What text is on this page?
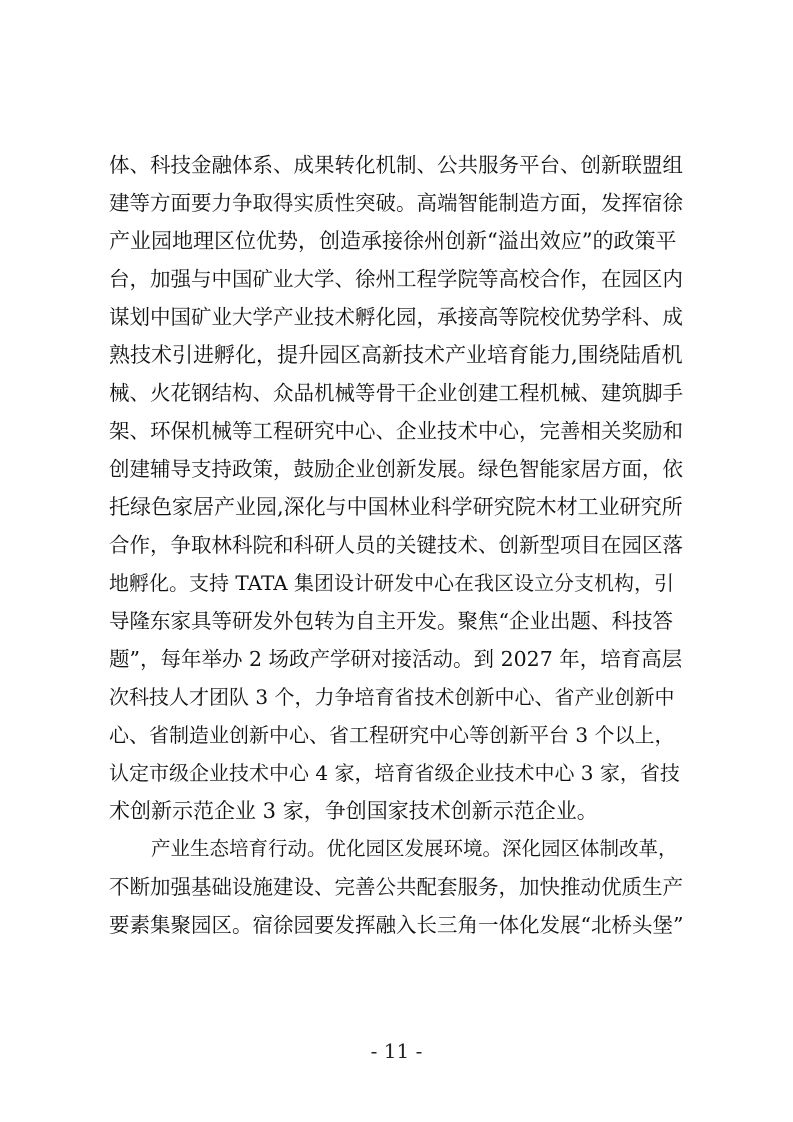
体、科技金融体系、成果转化机制、公共服务平台、创新联盟组
建等方面要力争取得实质性突破。高端智能制造方面，发挥宿徐
产业园地理区位优势，创造承接徐州创新“溢出效应”的政策平
台，加强与中国矿业大学、徐州工程学院等高校合作，在园区内
谋划中国矿业大学产业技术孵化园，承接高等院校优势学科、成
熟技术引进孵化，提升园区高新技术产业培育能力,围绕陆盾机
械、火花钢结构、众品机械等骨干企业创建工程机械、建筑脚手
架、环保机械等工程研究中心、企业技术中心，完善相关奖励和
创建辅导支持政策，鼓励企业创新发展。绿色智能家居方面，依
托绿色家居产业园,深化与中国林业科学研究院木材工业研究所
合作，争取林科院和科研人员的关键技术、创新型项目在园区落
地孵化。支持 TATA 集团设计研发中心在我区设立分支机构，引
导隆东家具等研发外包转为自主开发。聚焦“企业出题、科技答
题”，每年举办 2 场政产学研对接活动。到 2027 年，培育高层
次科技人才团队 3 个，力争培育省技术创新中心、省产业创新中
心、省制造业创新中心、省工程研究中心等创新平台 3 个以上，
认定市级企业技术中心 4 家，培育省级企业技术中心 3 家，省技
术创新示范企业 3 家，争创国家技术创新示范企业。
产业生态培育行动。优化园区发展环境。深化园区体制改革，
不断加强基础设施建设、完善公共配套服务，加快推动优质生产
要素集聚园区。宿徐园要发挥融入长三角一体化发展“北桥头堡”
- 11 -
